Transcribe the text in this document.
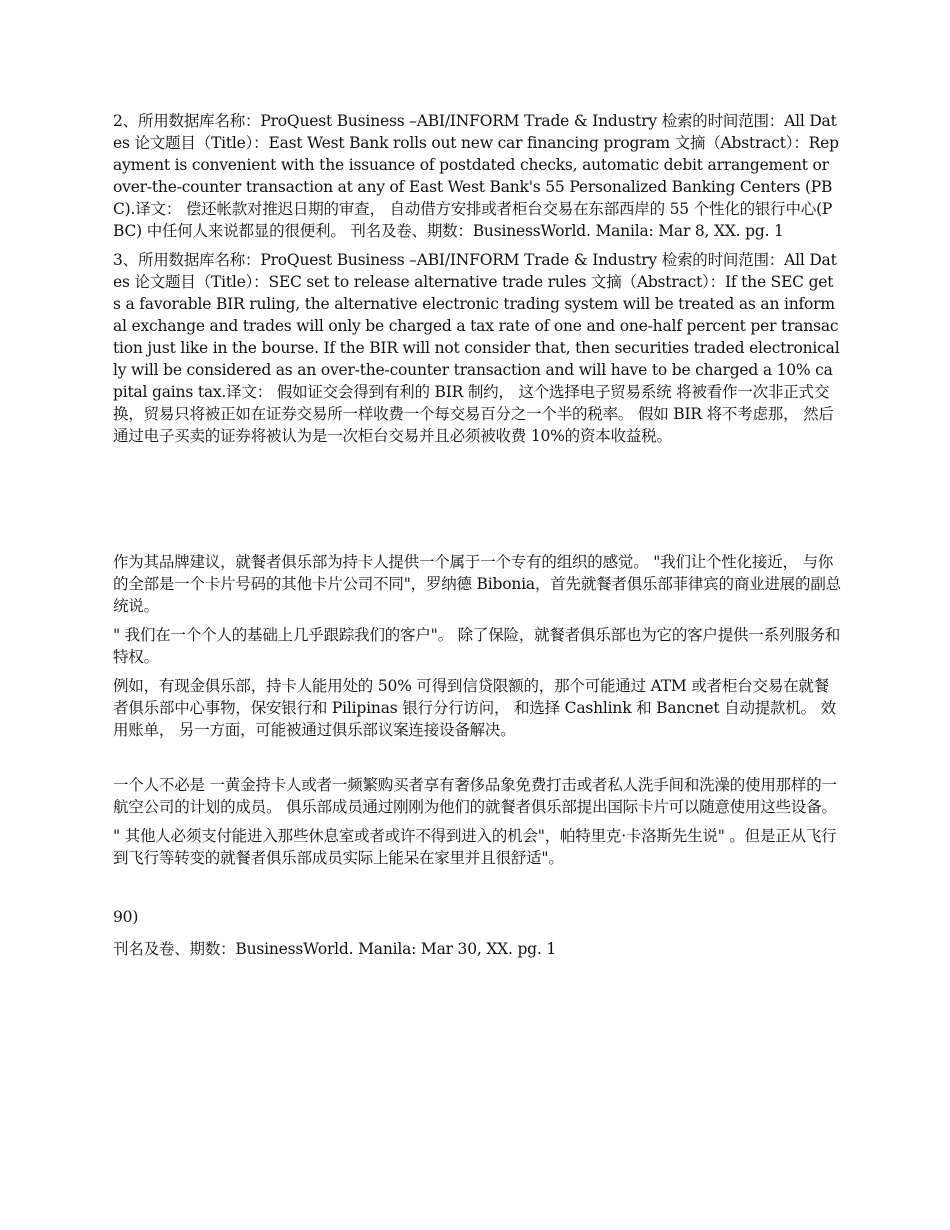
2、所用数据库名称：ProQuest Business –ABI/INFORM Trade & Industry 检索的时间范围：All Dates 论文题目（Title）：East West Bank rolls out new car financing program 文摘（Abstract）：Repayment is convenient with the issuance of postdated checks, automatic debit arrangement or over-the-counter transaction at any of East West Bank's 55 Personalized Banking Centers (PBC).译文： 偿还帐款对推迟日期的审查， 自动借方安排或者柜台交易在东部西岸的 55 个性化的银行中心(PBC) 中任何人来说都显的很便利。 刊名及卷、期数：BusinessWorld. Manila: Mar 8, XX. pg. 1

3、所用数据库名称：ProQuest Business –ABI/INFORM Trade & Industry 检索的时间范围：All Dates 论文题目（Title）：SEC set to release alternative trade rules 文摘（Abstract）：If the SEC gets a favorable BIR ruling, the alternative electronic trading system will be treated as an informal exchange and trades will only be charged a tax rate of one and one-half percent per transaction just like in the bourse. If the BIR will not consider that, then securities traded electronically will be considered as an over-the-counter transaction and will have to be charged a 10% capital gains tax.译文： 假如证交会得到有利的 BIR 制约， 这个选择电子贸易系统 将被看作一次非正式交换，贸易只将被正如在证券交易所一样收费一个每交易百分之一个半的税率。 假如 BIR 将不考虑那， 然后通过电子买卖的证券将被认为是一次柜台交易并且必须被收费 10%的资本收益税。

作为其品牌建议，就餐者俱乐部为持卡人提供一个属于一个专有的组织的感觉。 "我们让个性化接近， 与你的全部是一个卡片号码的其他卡片公司不同"，罗纳德 Bibonia，首先就餐者俱乐部菲律宾的商业进展的副总统说。

" 我们在一个个人的基础上几乎跟踪我们的客户"。 除了保险，就餐者俱乐部也为它的客户提供一系列服务和特权。

例如，有现金俱乐部，持卡人能用处的 50% 可得到信贷限额的，那个可能通过 ATM 或者柜台交易在就餐者俱乐部中心事物，保安银行和 Pilipinas 银行分行访问， 和选择 Cashlink 和 Bancnet 自动提款机。 效用账单， 另一方面，可能被通过俱乐部议案连接设备解决。

一个人不必是 一黄金持卡人或者一频繁购买者享有奢侈品象免费打击或者私人洗手间和洗澡的使用那样的一航空公司的计划的成员。 俱乐部成员通过刚刚为他们的就餐者俱乐部提出国际卡片可以随意使用这些设备。

" 其他人必须支付能进入那些休息室或者或许不得到进入的机会"，帕特里克·卡洛斯先生说" 。但是正从飞行到飞行等转变的就餐者俱乐部成员实际上能呆在家里并且很舒适"。

90)

刊名及卷、期数：BusinessWorld. Manila: Mar 30, XX. pg. 1
